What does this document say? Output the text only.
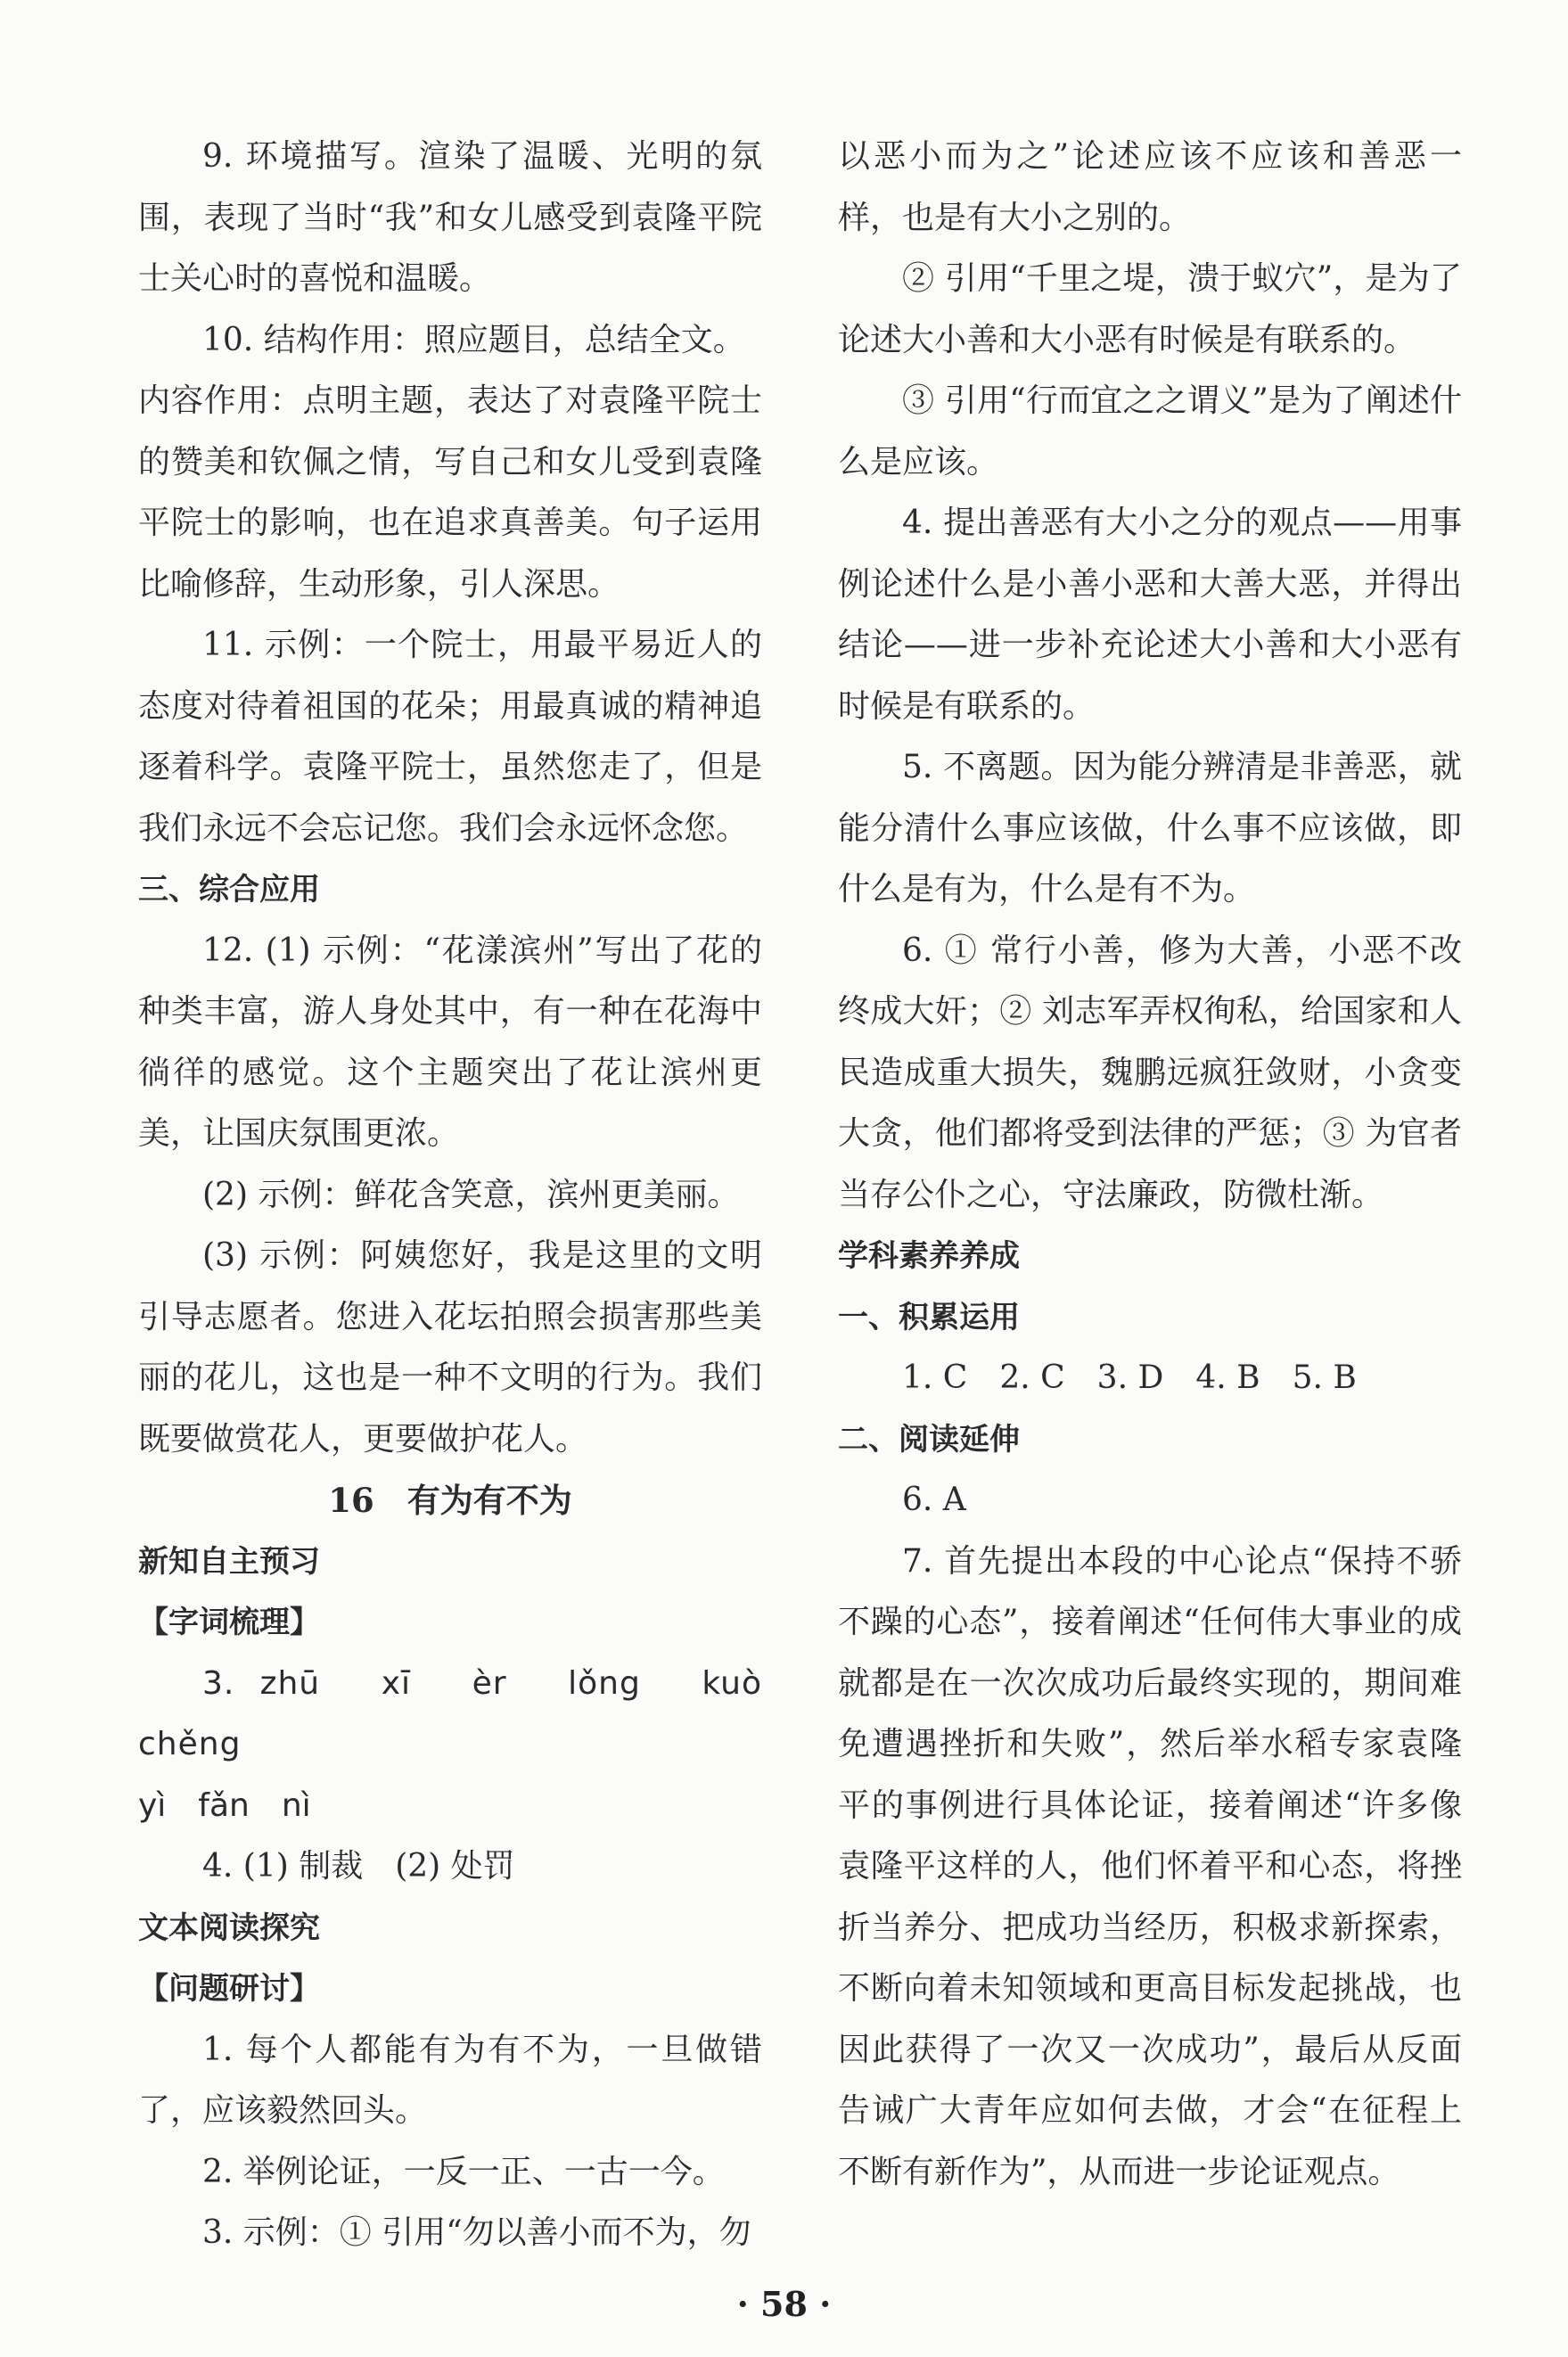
9. 环境描写。渲染了温暖、光明的氛围，表现了当时“我”和女儿感受到袁隆平院士关心时的喜悦和温暖。

10. 结构作用：照应题目，总结全文。

内容作用：点明主题，表达了对袁隆平院士的赞美和钦佩之情，写自己和女儿受到袁隆平院士的影响，也在追求真善美。句子运用比喻修辞，生动形象，引人深思。

11. 示例：一个院士，用最平易近人的态度对待着祖国的花朵；用最真诚的精神追逐着科学。袁隆平院士，虽然您走了，但是我们永远不会忘记您。我们会永远怀念您。

三、综合应用

12. (1) 示例：“花漾滨州”写出了花的种类丰富，游人身处其中，有一种在花海中徜徉的感觉。这个主题突出了花让滨州更美，让国庆氛围更浓。

(2) 示例：鲜花含笑意，滨州更美丽。

(3) 示例：阿姨您好，我是这里的文明引导志愿者。您进入花坛拍照会损害那些美丽的花儿，这也是一种不文明的行为。我们既要做赏花人，更要做护花人。

16　有为有不为

新知自主预习

【字词梳理】

3. zhū　xī　èr　lǒng　kuò　chěng

yì　fǎn　nì

4. (1) 制裁　(2) 处罚

文本阅读探究

【问题研讨】

1. 每个人都能有为有不为，一旦做错了，应该毅然回头。

2. 举例论证，一反一正、一古一今。

3. 示例：① 引用“勿以善小而不为，勿

以恶小而为之”论述应该不应该和善恶一样，也是有大小之别的。

② 引用“千里之堤，溃于蚁穴”，是为了论述大小善和大小恶有时候是有联系的。

③ 引用“行而宜之之谓义”是为了阐述什么是应该。

4. 提出善恶有大小之分的观点——用事例论述什么是小善小恶和大善大恶，并得出结论——进一步补充论述大小善和大小恶有时候是有联系的。

5. 不离题。因为能分辨清是非善恶，就能分清什么事应该做，什么事不应该做，即什么是有为，什么是有不为。

6. ① 常行小善，修为大善，小恶不改终成大奸；② 刘志军弄权徇私，给国家和人民造成重大损失，魏鹏远疯狂敛财，小贪变大贪，他们都将受到法律的严惩；③ 为官者当存公仆之心，守法廉政，防微杜渐。

学科素养养成

一、积累运用

1. C　2. C　3. D　4. B　5. B

二、阅读延伸

6. A

7. 首先提出本段的中心论点“保持不骄不躁的心态”，接着阐述“任何伟大事业的成就都是在一次次成功后最终实现的，期间难免遭遇挫折和失败”，然后举水稻专家袁隆平的事例进行具体论证，接着阐述“许多像袁隆平这样的人，他们怀着平和心态，将挫折当养分、把成功当经历，积极求新探索，不断向着未知领域和更高目标发起挑战，也因此获得了一次又一次成功”，最后从反面告诫广大青年应如何去做，才会“在征程上不断有新作为”，从而进一步论证观点。

· 58 ·
